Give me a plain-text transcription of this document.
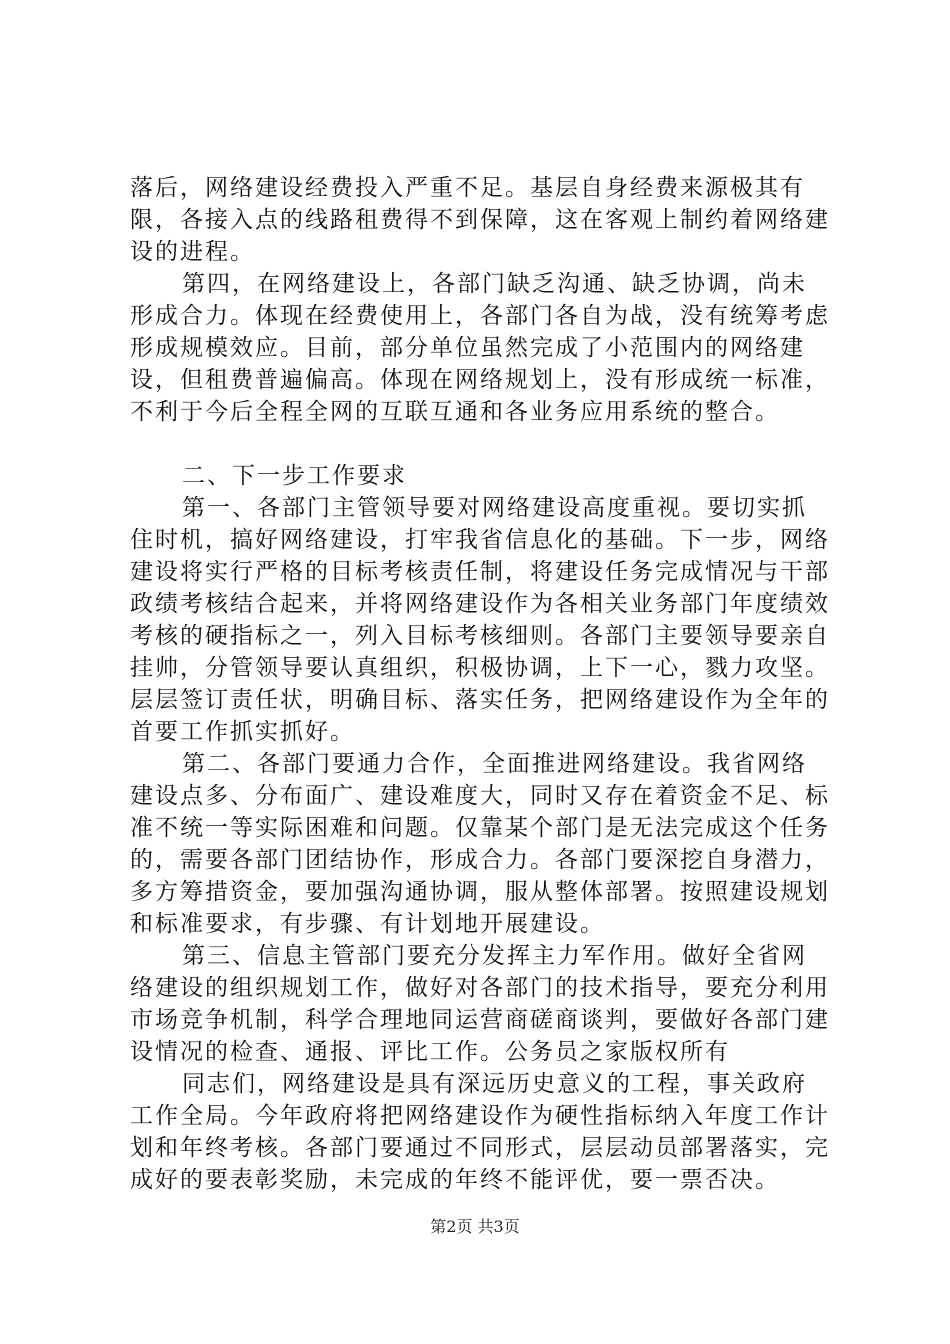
落后，网络建设经费投入严重不足。基层自身经费来源极其有限，各接入点的线路租费得不到保障，这在客观上制约着网络建设的进程。

第四，在网络建设上，各部门缺乏沟通、缺乏协调，尚未形成合力。体现在经费使用上，各部门各自为战，没有统筹考虑形成规模效应。目前，部分单位虽然完成了小范围内的网络建设，但租费普遍偏高。体现在网络规划上，没有形成统一标准，不利于今后全程全网的互联互通和各业务应用系统的整合。

二、下一步工作要求

第一、各部门主管领导要对网络建设高度重视。要切实抓住时机，搞好网络建设，打牢我省信息化的基础。下一步，网络建设将实行严格的目标考核责任制，将建设任务完成情况与干部政绩考核结合起来，并将网络建设作为各相关业务部门年度绩效考核的硬指标之一，列入目标考核细则。各部门主要领导要亲自挂帅，分管领导要认真组织，积极协调，上下一心，戮力攻坚。层层签订责任状，明确目标、落实任务，把网络建设作为全年的首要工作抓实抓好。

第二、各部门要通力合作，全面推进网络建设。我省网络建设点多、分布面广、建设难度大，同时又存在着资金不足、标准不统一等实际困难和问题。仅靠某个部门是无法完成这个任务的，需要各部门团结协作，形成合力。各部门要深挖自身潜力，多方筹措资金，要加强沟通协调，服从整体部署。按照建设规划和标准要求，有步骤、有计划地开展建设。

第三、信息主管部门要充分发挥主力军作用。做好全省网络建设的组织规划工作，做好对各部门的技术指导，要充分利用市场竞争机制，科学合理地同运营商磋商谈判，要做好各部门建设情况的检查、通报、评比工作。公务员之家版权所有

同志们，网络建设是具有深远历史意义的工程，事关政府工作全局。今年政府将把网络建设作为硬性指标纳入年度工作计划和年终考核。各部门要通过不同形式，层层动员部署落实，完成好的要表彰奖励，未完成的年终不能评优，要一票否决。

第2页 共3页
